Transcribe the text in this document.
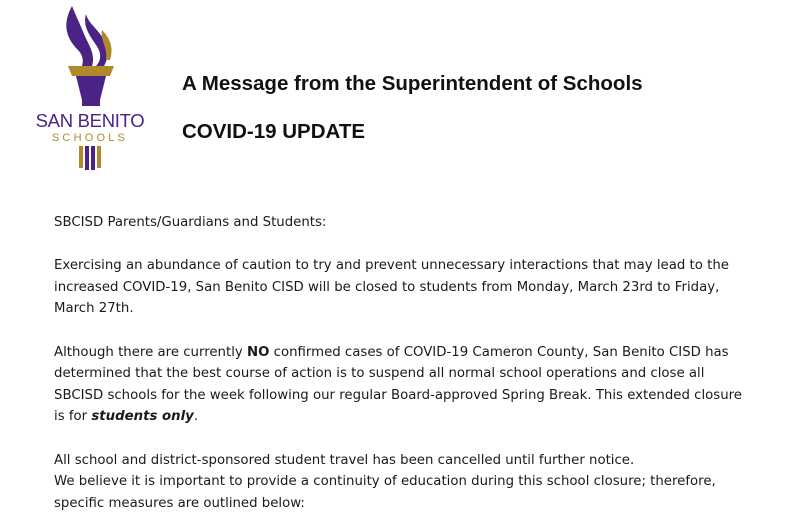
SAN BENITO
SCHOOLS
A Message from the Superintendent of Schools
COVID-19 UPDATE

SBCISD Parents/Guardians and Students:

Exercising an abundance of caution to try and prevent unnecessary interactions that may lead to the

increased COVID-19, San Benito CISD will be closed to students from Monday, March 23rd to Friday,

March 27th.

Although there are currently NO confirmed cases of COVID-19 Cameron County, San Benito CISD has

determined that the best course of action is to suspend all normal school operations and close all

SBCISD schools for the week following our regular Board-approved Spring Break. This extended closure

is for students only.

All school and district-sponsored student travel has been cancelled until further notice.

We believe it is important to provide a continuity of education during this school closure; therefore,

specific measures are outlined below:
